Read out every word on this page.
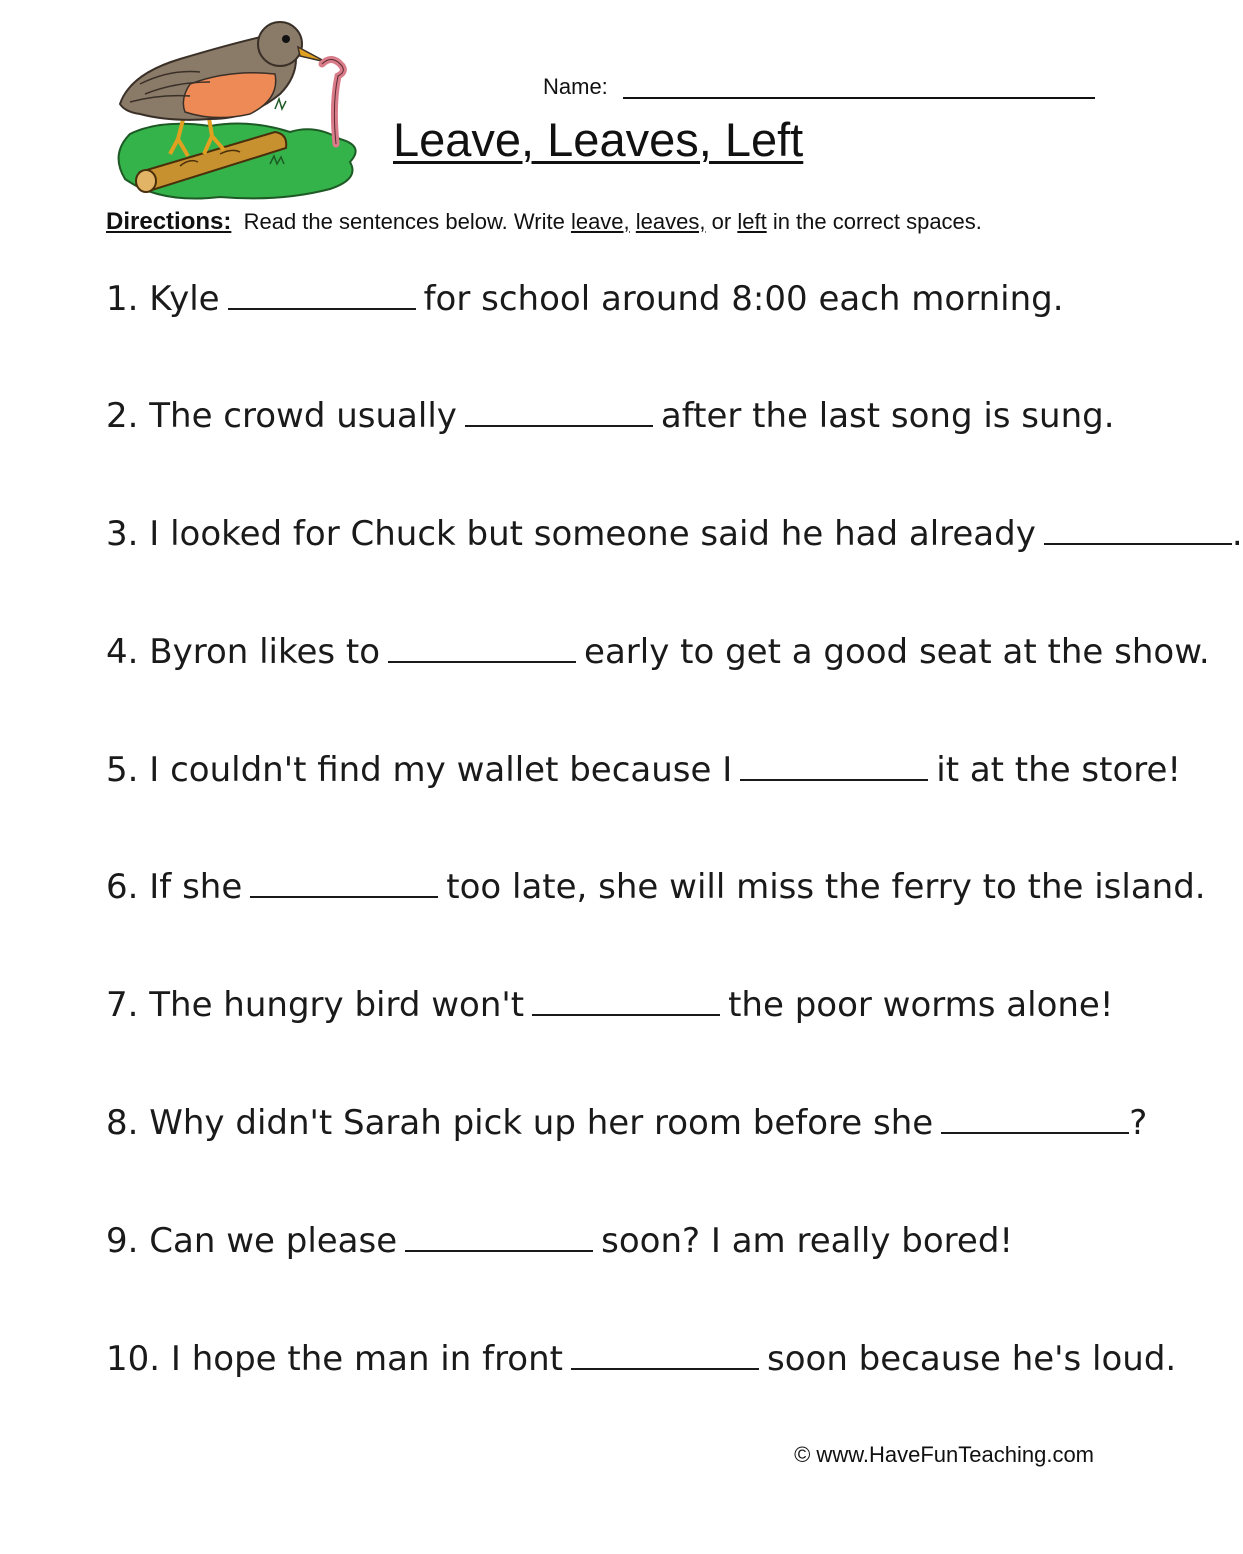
Name:
Leave, Leaves, Left
Directions: Read the sentences below. Write leave, leaves, or left in the correct spaces.
1. Kyle	for school around 8:00 each morning.
2. The crowd usually	after the last song is sung.
3. I looked for Chuck but someone said he had already	.
4. Byron likes to	early to get a good seat at the show.
5. I couldn't find my wallet because I	it at the store!
6. If she	too late, she will miss the ferry to the island.
7. The hungry bird won't	the poor worms alone!
8. Why didn't Sarah pick up her room before she	?
9. Can we please	soon? I am really bored!
10. I hope the man in front	soon because he's loud.
© www.HaveFunTeaching.com
